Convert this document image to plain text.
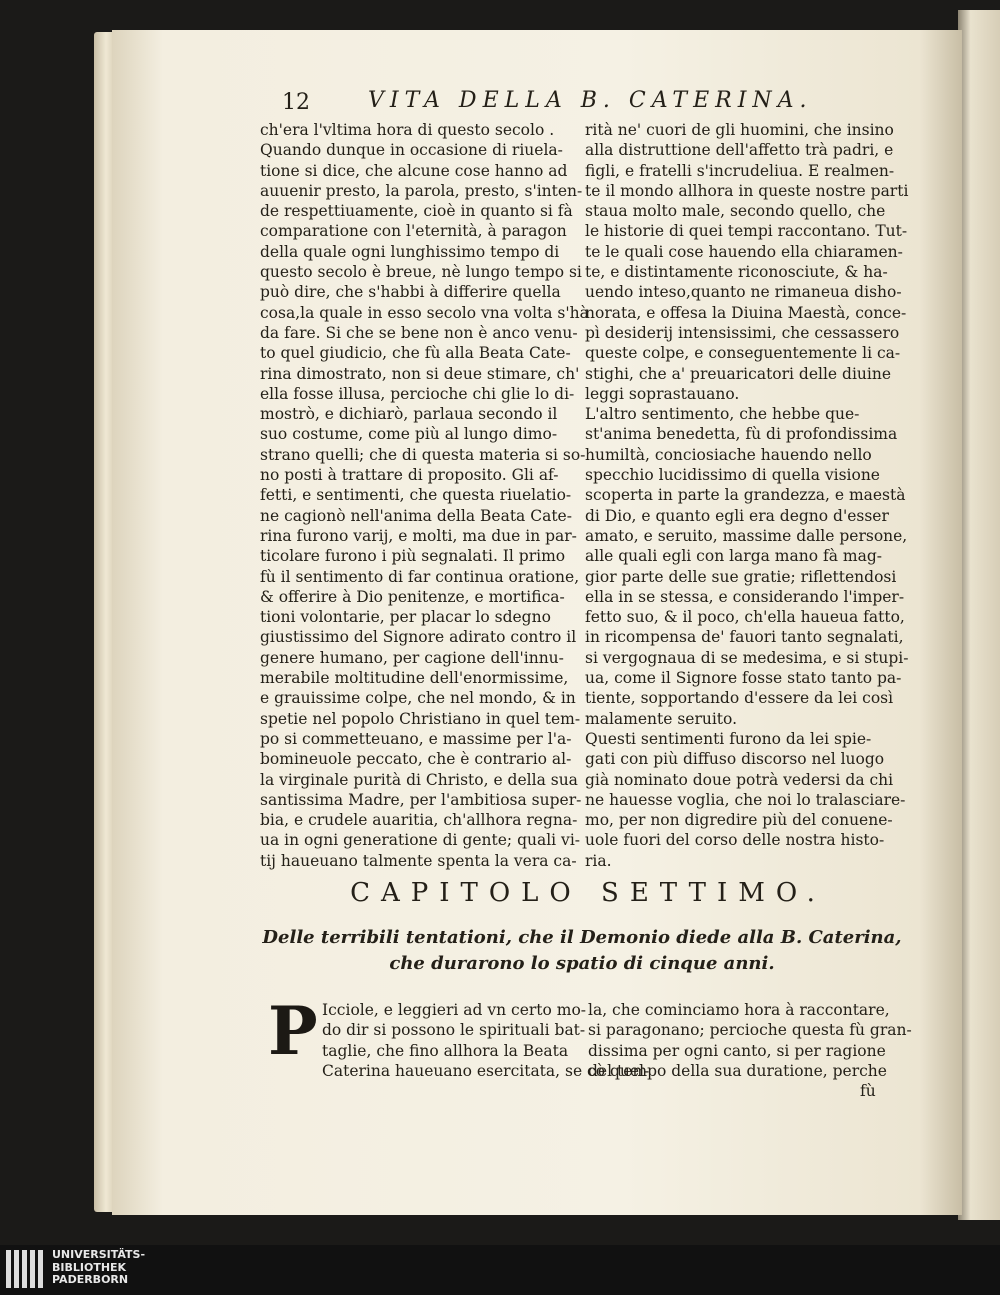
12	VITA DELLA B. CATERINA.
ch'era l'vltima hora di questo secolo .
Quando dunque in occasione di riuela-
tione si dice, che alcune cose hanno ad
auuenir presto, la parola, presto, s'inten-
de respettiuamente, cioè in quanto si fà
comparatione con l'eternità, à paragon
della quale ogni lunghissimo tempo di
questo secolo è breue, nè lungo tempo si
può dire, che s'habbi à differire quella
cosa,la quale in esso secolo vna volta s'hà
da fare. Si che se bene non è anco venu-
to quel giudicio, che fù alla Beata Cate-
rina dimostrato, non si deue stimare, ch'
ella fosse illusa, percioche chi glie lo di-
mostrò, e dichiarò, parlaua secondo il
suo costume, come più al lungo dimo-
strano quelli; che di questa materia si so-
no posti à trattare di proposito. Gli af-
fetti, e sentimenti, che questa riuelatio-
ne cagionò nell'anima della Beata Cate-
rina furono varij, e molti, ma due in par-
ticolare furono i più segnalati. Il primo
fù il sentimento di far continua oratione,
& offerire à Dio penitenze, e mortifica-
tioni volontarie, per placar lo sdegno
giustissimo del Signore adirato contro il
genere humano, per cagione dell'innu-
merabile moltitudine dell'enormissime,
e grauissime colpe, che nel mondo, & in
spetie nel popolo Christiano in quel tem-
po si commetteuano, e massime per l'a-
bomineuole peccato, che è contrario al-
la virginale purità di Christo, e della sua
santissima Madre, per l'ambitiosa super-
bia, e crudele auaritia, ch'allhora regna-
ua in ogni generatione di gente; quali vi-
tij haueuano talmente spenta la vera ca-
rità ne' cuori de gli huomini, che insino
alla distruttione dell'affetto trà padri, e
figli, e fratelli s'incrudeliua. E realmen-
te il mondo allhora in queste nostre parti
staua molto male, secondo quello, che
le historie di quei tempi raccontano. Tut-
te le quali cose hauendo ella chiaramen-
te, e distintamente riconosciute, & ha-
uendo inteso,quanto ne rimaneua disho-
norata, e offesa la Diuina Maestà, conce-
pì desiderij intensissimi, che cessassero
queste colpe, e conseguentemente li ca-
stighi, che a' preuaricatori delle diuine
leggi soprastauano.
L'altro sentimento, che hebbe que-
st'anima benedetta, fù di profondissima
humiltà, conciosiache hauendo nello
specchio lucidissimo di quella visione
scoperta in parte la grandezza, e maestà
di Dio, e quanto egli era degno d'esser
amato, e seruito, massime dalle persone,
alle quali egli con larga mano fà mag-
gior parte delle sue gratie; riflettendosi
ella in se stessa, e considerando l'imper-
fetto suo, & il poco, ch'ella haueua fatto,
in ricompensa de' fauori tanto segnalati,
si vergognaua di se medesima, e si stupi-
ua, come il Signore fosse stato tanto pa-
tiente, sopportando d'essere da lei così
malamente seruito.
Questi sentimenti furono da lei spie-
gati con più diffuso discorso nel luogo
già nominato doue potrà vedersi da chi
ne hauesse voglia, che noi lo tralasciare-
mo, per non digredire più del conuene-
uole fuori del corso delle nostra histo-
ria.
CAPITOLO SETTIMO.
Delle terribili tentationi, che il Demonio diede alla B. Caterina, che durarono lo spatio di cinque anni.
P Icciole, e leggieri ad vn certo mo-
do dir si possono le spirituali bat-
taglie, che fino allhora la Beata
Caterina haueuano esercitata, se cò quel-
la, che cominciamo hora à raccontare,
si paragonano; percioche questa fù gran-
dissima per ogni canto, si per ragione
del tempo della sua duratione, perche
fù
UNIVERSITÄTS-
BIBLIOTHEK
PADERBORN
